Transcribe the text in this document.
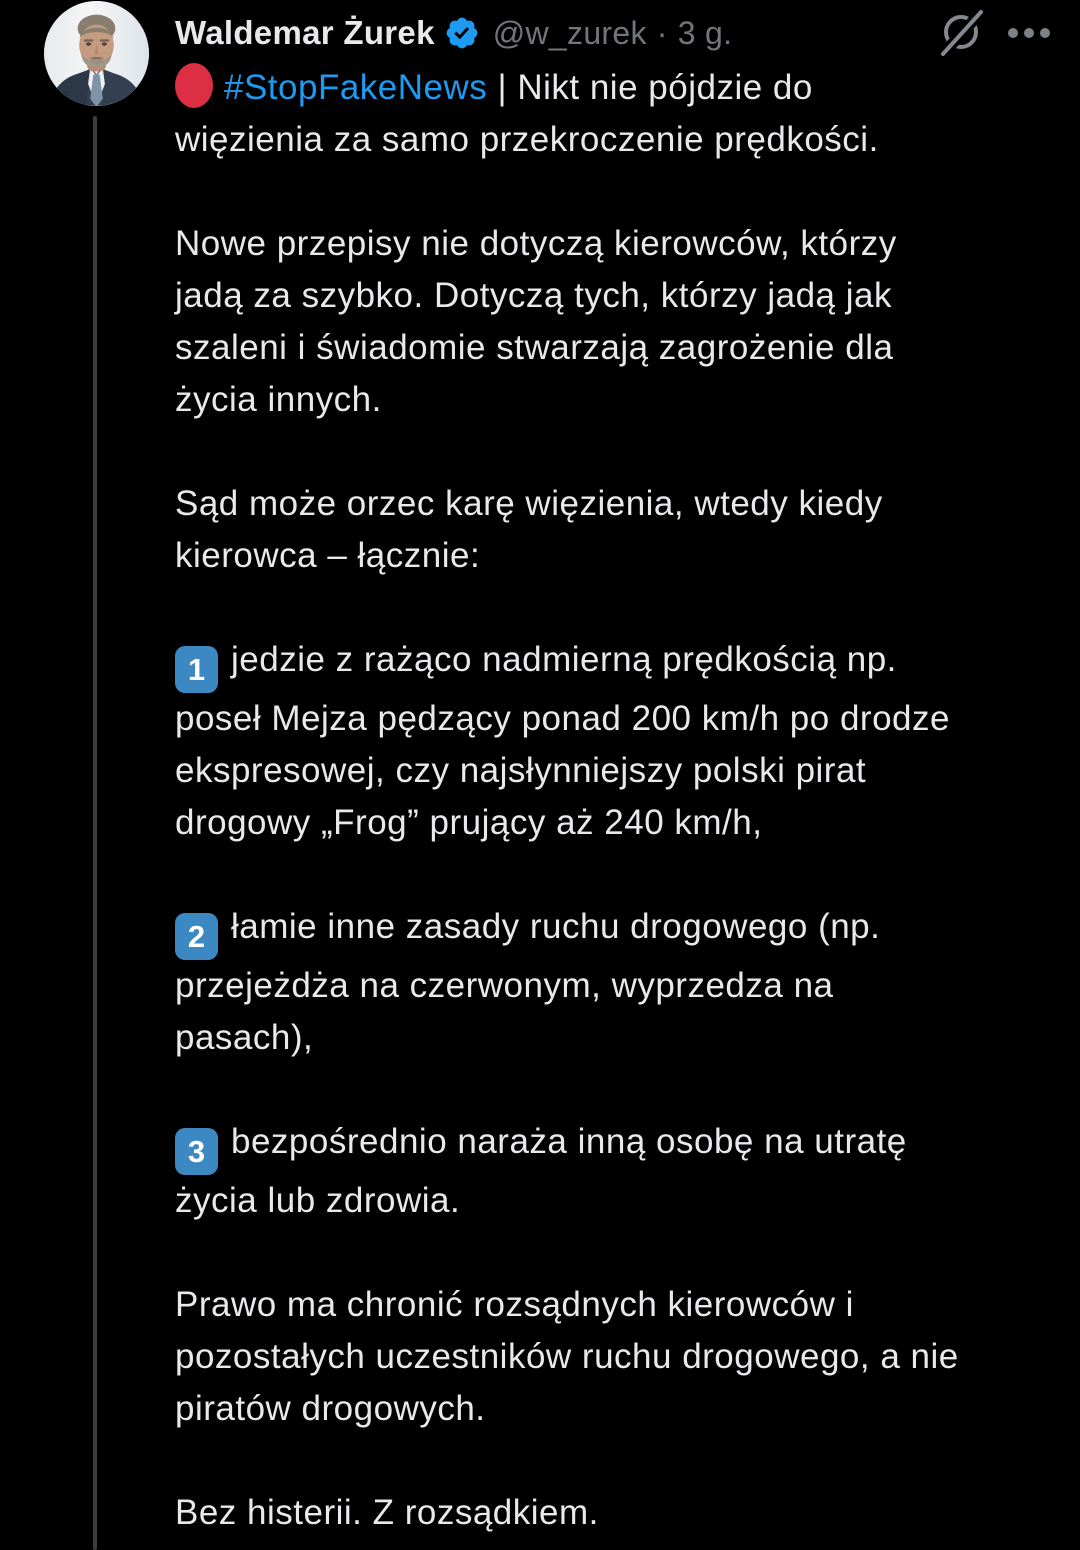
Waldemar Żurek @w_zurek · 3 g.
#StopFakeNews | Nikt nie pójdzie do
więzienia za samo przekroczenie prędkości.
Nowe przepisy nie dotyczą kierowców, którzy
jadą za szybko. Dotyczą tych, którzy jadą jak
szaleni i świadomie stwarzają zagrożenie dla
życia innych.
Sąd może orzec karę więzienia, wtedy kiedy
kierowca – łącznie:
1 jedzie z rażąco nadmierną prędkością np.
poseł Mejza pędzący ponad 200 km/h po drodze
ekspresowej, czy najsłynniejszy polski pirat
drogowy „Frog” prujący aż 240 km/h,
2 łamie inne zasady ruchu drogowego (np.
przejeżdża na czerwonym, wyprzedza na
pasach),
3 bezpośrednio naraża inną osobę na utratę
życia lub zdrowia.
Prawo ma chronić rozsądnych kierowców i
pozostałych uczestników ruchu drogowego, a nie
piratów drogowych.
Bez histerii. Z rozsądkiem.
